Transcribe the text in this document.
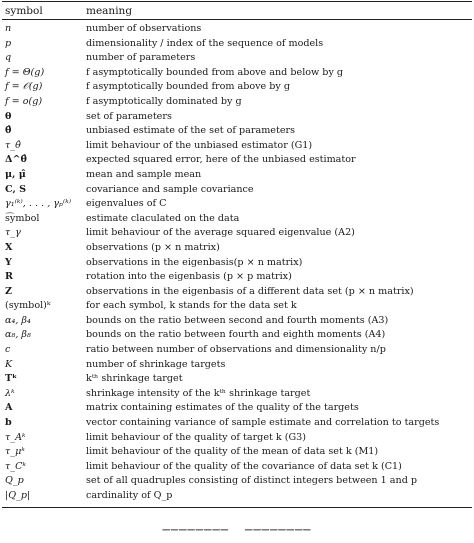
symbol	meaning
n	number of observations
p	dimensionality / index of the sequence of models
q	number of parameters
f = Θ(g)	f asymptotically bounded from above and below by g
f = 𝒪(g)	f asymptotically bounded from above by g
f = o(g)	f asymptotically dominated by g
θ	set of parameters
θ̂	unbiased estimate of the set of parameters
τ_θ̂	limit behaviour of the unbiased estimator (G1)
Δ^θ̂	expected squared error, here of the unbiased estimator
μ, μ̂	mean and sample mean
C, S	covariance and sample covariance
γ₁⁽ᵏ⁾, . . . , γₚ⁽ᵏ⁾	eigenvalues of C
s͡ymbol	estimate claculated on the data
τ_γ	limit behaviour of the average squared eigenvalue (A2)
X	observations (p × n matrix)
Y	observations in the eigenbasis(p × n matrix)
R	rotation into the eigenbasis (p × p matrix)
Z	observations in the eigenbasis of a different data set (p × n matrix)
(symbol)ᵏ	for each symbol, k stands for the data set k
α₄, β₄	bounds on the ratio between second and fourth moments (A3)
α₈, β₈	bounds on the ratio between fourth and eighth moments (A4)
c	ratio between number of observations and dimensionality n/p
K	number of shrinkage targets
Tᵏ	kᵗʰ shrinkage target
λᵏ	shrinkage intensity of the kᵗʰ shrinkage target
A	matrix containing estimates of the quality of the targets
b	vector containing variance of sample estimate and correlation to targets
τ_Aᵏ	limit behaviour of the quality of target k (G3)
τ_μᵏ	limit behaviour of the quality of the mean of data set k (M1)
τ_Cᵏ	limit behaviour of the quality of the covariance of data set k (C1)
Q_p	set of all quadruples consisting of distinct integers between 1 and p
|Q_p|	cardinality of Q_p
▔▔▔▔▔▔▔▔    ▔▔▔▔▔▔▔▔
